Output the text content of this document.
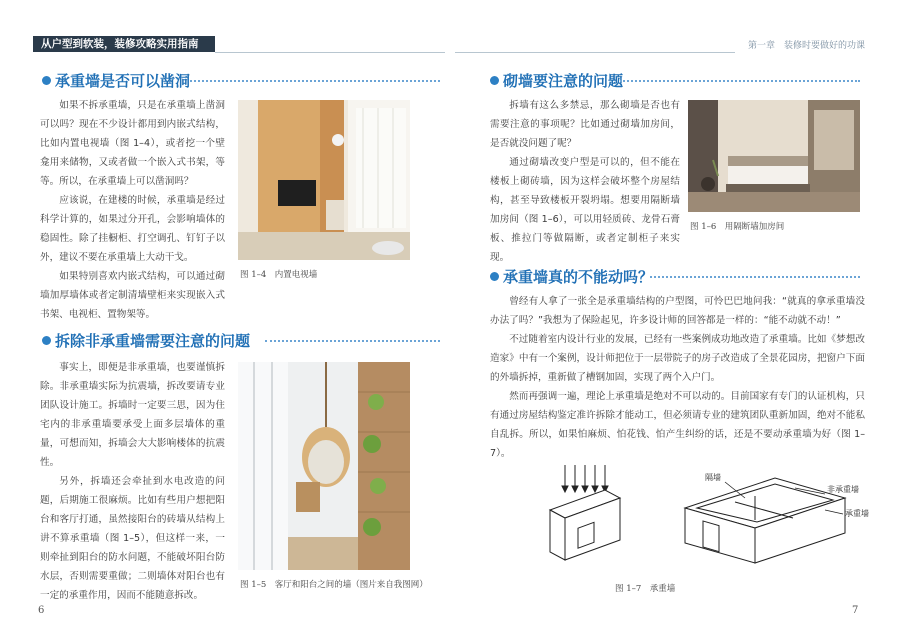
从户型到软装，装修攻略实用指南
承重墙是否可以凿洞

如果不拆承重墙，只是在承重墙上凿洞可以吗？现在不少设计都用到内嵌式结构，比如内置电视墙（图 1–4），或者挖一个壁龛用来储物，又或者做一个嵌入式书架，等等。所以，在承重墙上可以凿洞吗？

应该说，在建楼的时候，承重墙是经过科学计算的，如果过分开孔，会影响墙体的稳固性。除了挂橱柜、打空调孔、钉钉子以外，建议不要在承重墙上大动干戈。

如果特别喜欢内嵌式结构，可以通过砌墙加厚墙体或者定制清墙壁柜来实现嵌入式书架、电视柜、置物架等。

图 1–4　内置电视墙
拆除非承重墙需要注意的问题

事实上，即便是非承重墙，也要谨慎拆除。非承重墙实际为抗震墙，拆改要请专业团队设计施工。拆墙时一定要三思，因为住宅内的非承重墙要承受上面多层墙体的重量，可想而知，拆墙会大大影响楼体的抗震性。

另外，拆墙还会牵扯到水电改造的问题，后期施工很麻烦。比如有些用户想把阳台和客厅打通，虽然接阳台的砖墙从结构上讲不算承重墙（图 1–5），但这样一来，一则牵扯到阳台的防水问题，不能破坏阳台防水层，否则需要重做；二则墙体对阳台也有一定的承重作用，因而不能随意拆改。

图 1–5　客厅和阳台之间的墙（图片来自我图网）
6
第一章　装修时要做好的功课
砌墙要注意的问题

拆墙有这么多禁忌，那么砌墙是否也有需要注意的事项呢？比如通过砌墙加房间，是否就没问题了呢？

通过砌墙改变户型是可以的，但不能在楼板上砌砖墙，因为这样会破坏整个房屋结构，甚至导致楼板开裂坍塌。想要用隔断墙加房间（图 1–6），可以用轻质砖、龙骨石膏板、推拉门等做隔断，或者定制柜子来实现。

图 1–6　用隔断墙加房间
承重墙真的不能动吗？

曾经有人拿了一张全是承重墙结构的户型图，可怜巴巴地问我：“就真的拿承重墙没办法了吗？”我想为了保险起见，许多设计师的回答都是一样的：“能不动就不动！”

不过随着室内设计行业的发展，已经有一些案例成功地改造了承重墙。比如《梦想改造家》中有一个案例，设计师把位于一层带院子的房子改造成了全景花园房，把窗户下面的外墙拆掉，重新做了槽钢加固，实现了两个入户门。

然而再强调一遍，理论上承重墙是绝对不可以动的。目前国家有专门的认证机构，只有通过房屋结构鉴定准许拆除才能动工，但必须请专业的建筑团队重新加固，绝对不能私自乱拆。所以，如果怕麻烦、怕花钱、怕产生纠纷的话，还是不要动承重墙为好（图 1–7）。

隔墙
非承重墙
承重墙
图 1–7　承重墙
7
